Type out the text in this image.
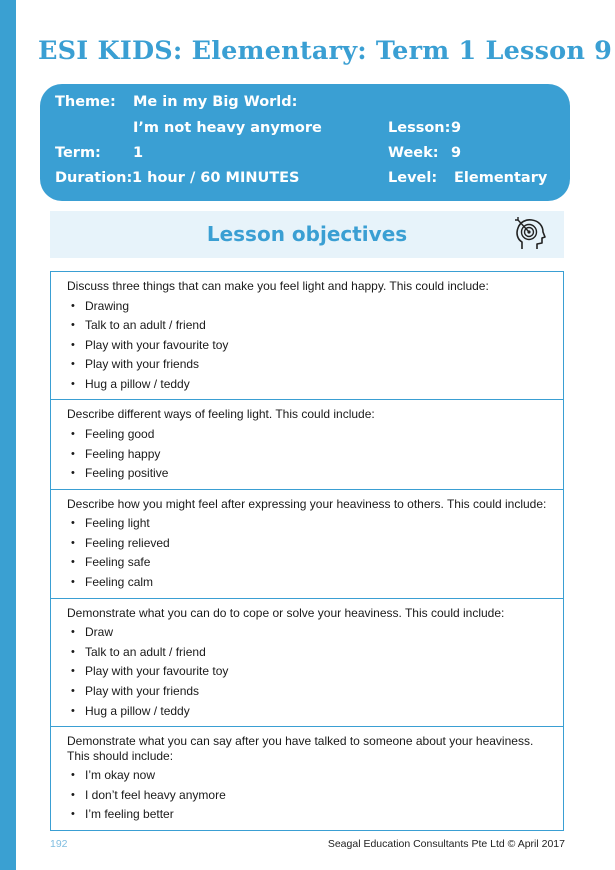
ESI KIDS: Elementary: Term 1 Lesson 9
Theme: Me in my Big World:
I’m not heavy anymore	Lesson: 9
Term: 1	Week: 9
Duration: 1 hour / 60 MINUTES	Level: Elementary
Lesson objectives

Discuss three things that can make you feel light and happy. This could include:

• Drawing
• Talk to an adult / friend
• Play with your favourite toy
• Play with your friends
• Hug a pillow / teddy

Describe different ways of feeling light. This could include:

• Feeling good
• Feeling happy
• Feeling positive

Describe how you might feel after expressing your heaviness to others. This could include:

• Feeling light
• Feeling relieved
• Feeling safe
• Feeling calm

Demonstrate what you can do to cope or solve your heaviness. This could include:

• Draw
• Talk to an adult / friend
• Play with your favourite toy
• Play with your friends
• Hug a pillow / teddy

Demonstrate what you can say after you have talked to someone about your heaviness. This should include:

• I’m okay now
• I don’t feel heavy anymore
• I’m feeling better
192	Seagal Education Consultants Pte Ltd © April 2017
